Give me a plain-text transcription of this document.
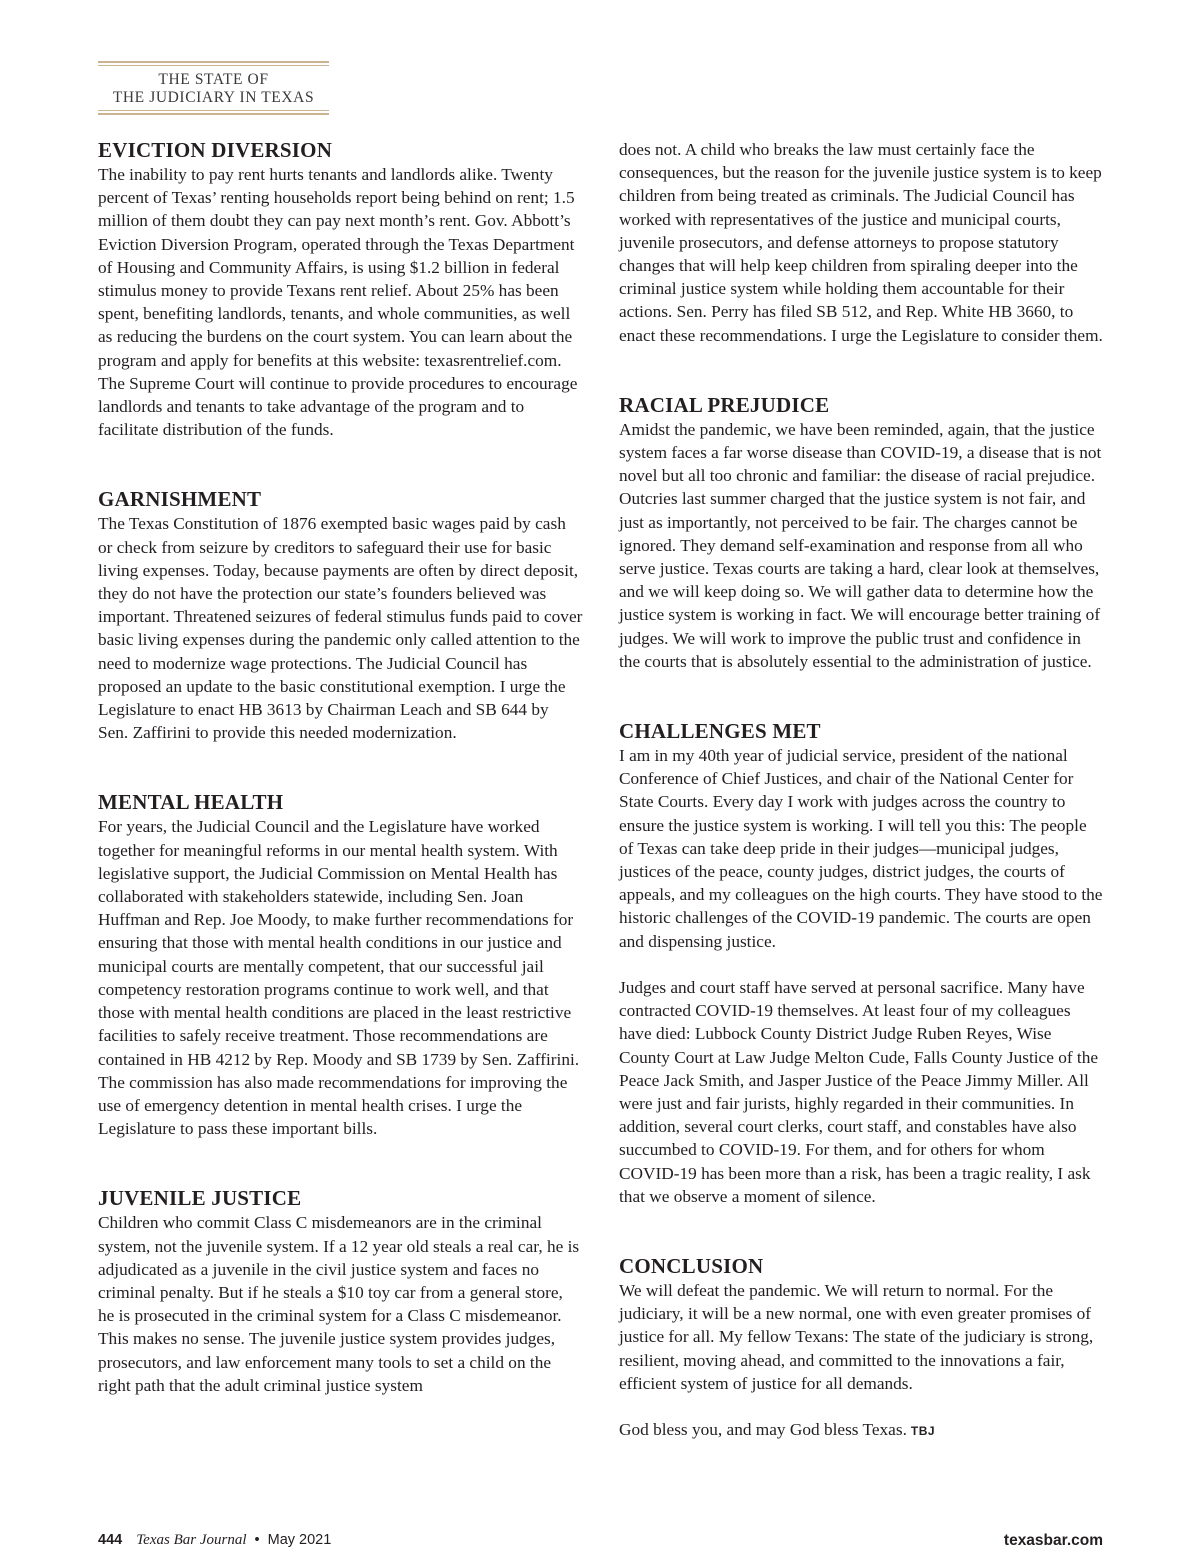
THE STATE OF
THE JUDICIARY IN TEXAS
EVICTION DIVERSION

The inability to pay rent hurts tenants and landlords alike. Twenty percent of Texas’ renting households report being behind on rent; 1.5 million of them doubt they can pay next month’s rent. Gov. Abbott’s Eviction Diversion Program, operated through the Texas Department of Housing and Community Affairs, is using $1.2 billion in federal stimulus money to provide Texans rent relief. About 25% has been spent, benefiting landlords, tenants, and whole communities, as well as reducing the burdens on the court system. You can learn about the program and apply for benefits at this website: texasrentrelief.com. The Supreme Court will continue to provide procedures to encourage landlords and tenants to take advantage of the program and to facilitate distribution of the funds.

GARNISHMENT

The Texas Constitution of 1876 exempted basic wages paid by cash or check from seizure by creditors to safeguard their use for basic living expenses. Today, because payments are often by direct deposit, they do not have the protection our state’s founders believed was important. Threatened seizures of federal stimulus funds paid to cover basic living expenses during the pandemic only called attention to the need to modernize wage protections. The Judicial Council has proposed an update to the basic constitutional exemption. I urge the Legislature to enact HB 3613 by Chairman Leach and SB 644 by Sen. Zaffirini to provide this needed modernization.

MENTAL HEALTH

For years, the Judicial Council and the Legislature have worked together for meaningful reforms in our mental health system. With legislative support, the Judicial Commission on Mental Health has collaborated with stakeholders statewide, including Sen. Joan Huffman and Rep. Joe Moody, to make further recommendations for ensuring that those with mental health conditions in our justice and municipal courts are mentally competent, that our successful jail competency restoration programs continue to work well, and that those with mental health conditions are placed in the least restrictive facilities to safely receive treatment. Those recommendations are contained in HB 4212 by Rep. Moody and SB 1739 by Sen. Zaffirini. The commission has also made recommendations for improving the use of emergency detention in mental health crises. I urge the Legislature to pass these important bills.

JUVENILE JUSTICE

Children who commit Class C misdemeanors are in the criminal system, not the juvenile system. If a 12 year old steals a real car, he is adjudicated as a juvenile in the civil justice system and faces no criminal penalty. But if he steals a $10 toy car from a general store, he is prosecuted in the criminal system for a Class C misdemeanor. This makes no sense. The juvenile justice system provides judges, prosecutors, and law enforcement many tools to set a child on the right path that the adult criminal justice system

does not. A child who breaks the law must certainly face the consequences, but the reason for the juvenile justice system is to keep children from being treated as criminals. The Judicial Council has worked with representatives of the justice and municipal courts, juvenile prosecutors, and defense attorneys to propose statutory changes that will help keep children from spiraling deeper into the criminal justice system while holding them accountable for their actions. Sen. Perry has filed SB 512, and Rep. White HB 3660, to enact these recommendations. I urge the Legislature to consider them.

RACIAL PREJUDICE

Amidst the pandemic, we have been reminded, again, that the justice system faces a far worse disease than COVID-19, a disease that is not novel but all too chronic and familiar: the disease of racial prejudice. Outcries last summer charged that the justice system is not fair, and just as importantly, not perceived to be fair. The charges cannot be ignored. They demand self-examination and response from all who serve justice. Texas courts are taking a hard, clear look at themselves, and we will keep doing so. We will gather data to determine how the justice system is working in fact. We will encourage better training of judges. We will work to improve the public trust and confidence in the courts that is absolutely essential to the administration of justice.

CHALLENGES MET

I am in my 40th year of judicial service, president of the national Conference of Chief Justices, and chair of the National Center for State Courts. Every day I work with judges across the country to ensure the justice system is working. I will tell you this: The people of Texas can take deep pride in their judges—municipal judges, justices of the peace, county judges, district judges, the courts of appeals, and my colleagues on the high courts. They have stood to the historic challenges of the COVID-19 pandemic. The courts are open and dispensing justice.

Judges and court staff have served at personal sacrifice. Many have contracted COVID-19 themselves. At least four of my colleagues have died: Lubbock County District Judge Ruben Reyes, Wise County Court at Law Judge Melton Cude, Falls County Justice of the Peace Jack Smith, and Jasper Justice of the Peace Jimmy Miller. All were just and fair jurists, highly regarded in their communities. In addition, several court clerks, court staff, and constables have also succumbed to COVID-19. For them, and for others for whom COVID-19 has been more than a risk, has been a tragic reality, I ask that we observe a moment of silence.

CONCLUSION

We will defeat the pandemic. We will return to normal. For the judiciary, it will be a new normal, one with even greater promises of justice for all. My fellow Texans: The state of the judiciary is strong, resilient, moving ahead, and committed to the innovations a fair, efficient system of justice for all demands.

God bless you, and may God bless Texas. TBJ

444 Texas Bar Journal • May 2021	texasbar.com
